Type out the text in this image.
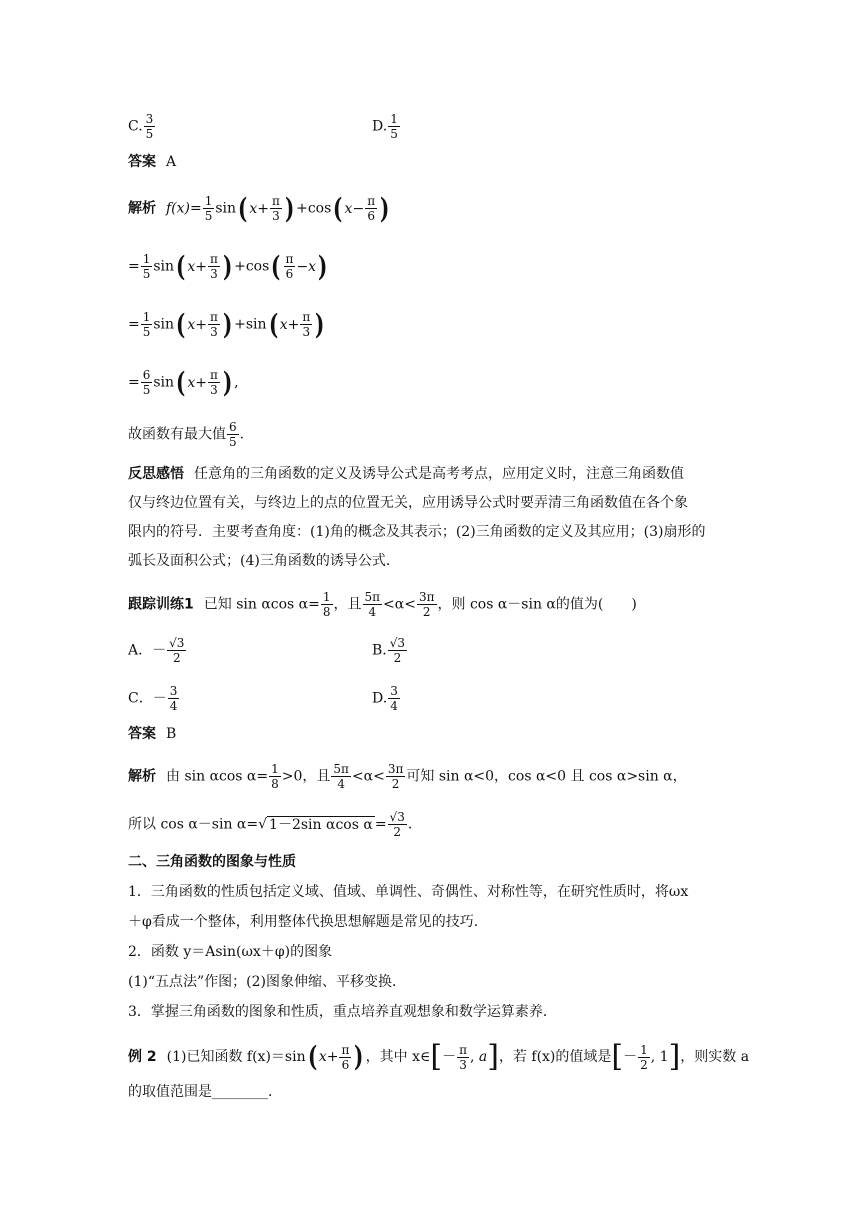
C. $\frac{3}{5}$	D. $\frac{1}{5}$
答案 A
解析 $f(x)= \frac{1}{5}$ sin ( $x+ \frac{\pi}{3}$ ) +cos ( $x- \frac{\pi}{6}$ )
= $\frac{1}{5}$ sin ( $x+ \frac{\pi}{3}$ ) +cos ( $\frac{\pi}{6} -x$ )
= $\frac{1}{5}$ sin ( $x+ \frac{\pi}{3}$ ) +sin ( $x+ \frac{\pi}{3}$ )
= $\frac{6}{5}$ sin ( $x+ \frac{\pi}{3}$ ) ,
故函数有最大值 $\frac{6}{5}$ .
反思感悟 任意角的三角函数的定义及诱导公式是高考考点，应用定义时，注意三角函数值
仅与终边位置有关，与终边上的点的位置无关，应用诱导公式时要弄清三角函数值在各个象
限内的符号．主要考查角度：(1)角的概念及其表示；(2)三角函数的定义及其应用；(3)扇形的
弧长及面积公式；(4)三角函数的诱导公式．
跟踪训练1 已知 sin αcos $\alpha= \frac{1}{8}$ ，且 $\frac{5\pi}{4} <\alpha< \frac{3\pi}{2}$ ，则 cos α－sin α的值为(　　)
A．－ $\frac{√3}{2}$	B. $\frac{√3}{2}$
C．－ $\frac{3}{4}$	D. $\frac{3}{4}$
答案 B
解析 由 sin αcos $\alpha= \frac{1}{8} >0$，且 $\frac{5\pi}{4} <\alpha< \frac{3\pi}{2}$ 可知 sin α<0，cos α<0 且 cos α>sin α，
所以 cos α－sin α=√ 1－2sin αcos $\alpha = \frac{√3}{2}$ .
二、三角函数的图象与性质
1．三角函数的性质包括定义域、值域、单调性、奇偶性、对称性等，在研究性质时，将ωx
＋φ看成一个整体，利用整体代换思想解题是常见的技巧．
2．函数 y＝Asin(ωx＋φ)的图象
(1)“五点法”作图；(2)图象伸缩、平移变换．
3．掌握三角函数的图象和性质，重点培养直观想象和数学运算素养．
例 2 (1)已知函数 f(x)＝sin ( $x+ \frac{\pi}{6}$ ) ，其中 x∈ [ － $\frac{\pi}{3}$ ,
a ] ，若 f(x)的值域是 [ － $\frac{1}{2}$ ,
1 ] ，则实数 a
的取值范围是________．
